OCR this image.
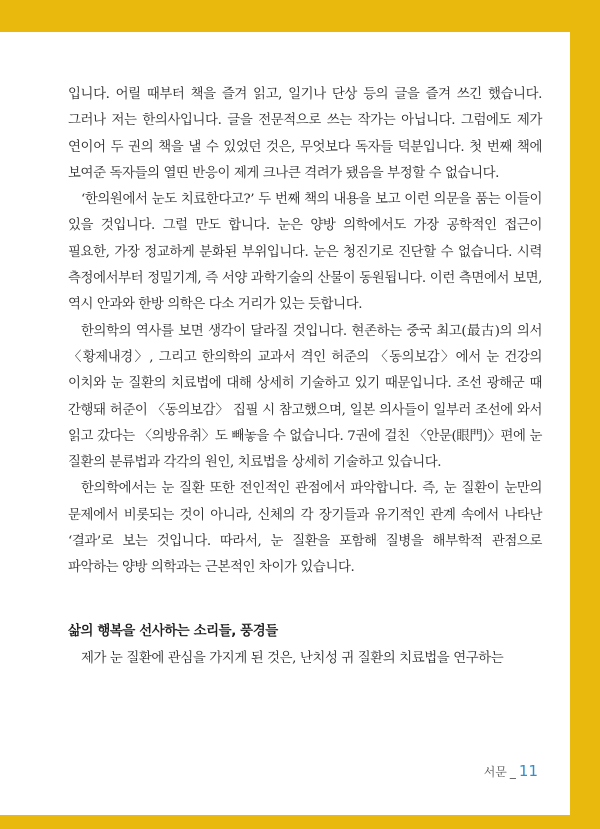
입니다. 어릴 때부터 책을 즐겨 읽고, 일기나 단상 등의 글을 즐겨 쓰긴 했습니다. 그러나 저는 한의사입니다. 글을 전문적으로 쓰는 작가는 아닙니다. 그럼에도 제가 연이어 두 권의 책을 낼 수 있었던 것은, 무엇보다 독자들 덕분입니다. 첫 번째 책에 보여준 독자들의 열띤 반응이 제게 크나큰 격려가 됐음을 부정할 수 없습니다.

‘한의원에서 눈도 치료한다고?’ 두 번째 책의 내용을 보고 이런 의문을 품는 이들이 있을 것입니다. 그럴 만도 합니다. 눈은 양방 의학에서도 가장 공학적인 접근이 필요한, 가장 정교하게 분화된 부위입니다. 눈은 청진기로 진단할 수 없습니다. 시력 측정에서부터 정밀기계, 즉 서양 과학기술의 산물이 동원됩니다. 이런 측면에서 보면, 역시 안과와 한방 의학은 다소 거리가 있는 듯합니다.

한의학의 역사를 보면 생각이 달라질 것입니다. 현존하는 중국 최고(最古)의 의서 〈황제내경〉, 그리고 한의학의 교과서 격인 허준의 〈동의보감〉에서 눈 건강의 이치와 눈 질환의 치료법에 대해 상세히 기술하고 있기 때문입니다. 조선 광해군 때 간행돼 허준이 〈동의보감〉 집필 시 참고했으며, 일본 의사들이 일부러 조선에 와서 읽고 갔다는 〈의방유취〉도 빼놓을 수 없습니다. 7권에 걸친 〈안문(眼門)〉편에 눈 질환의 분류법과 각각의 원인, 치료법을 상세히 기술하고 있습니다.

한의학에서는 눈 질환 또한 전인적인 관점에서 파악합니다. 즉, 눈 질환이 눈만의 문제에서 비롯되는 것이 아니라, 신체의 각 장기들과 유기적인 관계 속에서 나타난 ‘결과’로 보는 것입니다. 따라서, 눈 질환을 포함해 질병을 해부학적 관점으로 파악하는 양방 의학과는 근본적인 차이가 있습니다.

삶의 행복을 선사하는 소리들, 풍경들

제가 눈 질환에 관심을 가지게 된 것은, 난치성 귀 질환의 치료법을 연구하는

서문 _ 11
